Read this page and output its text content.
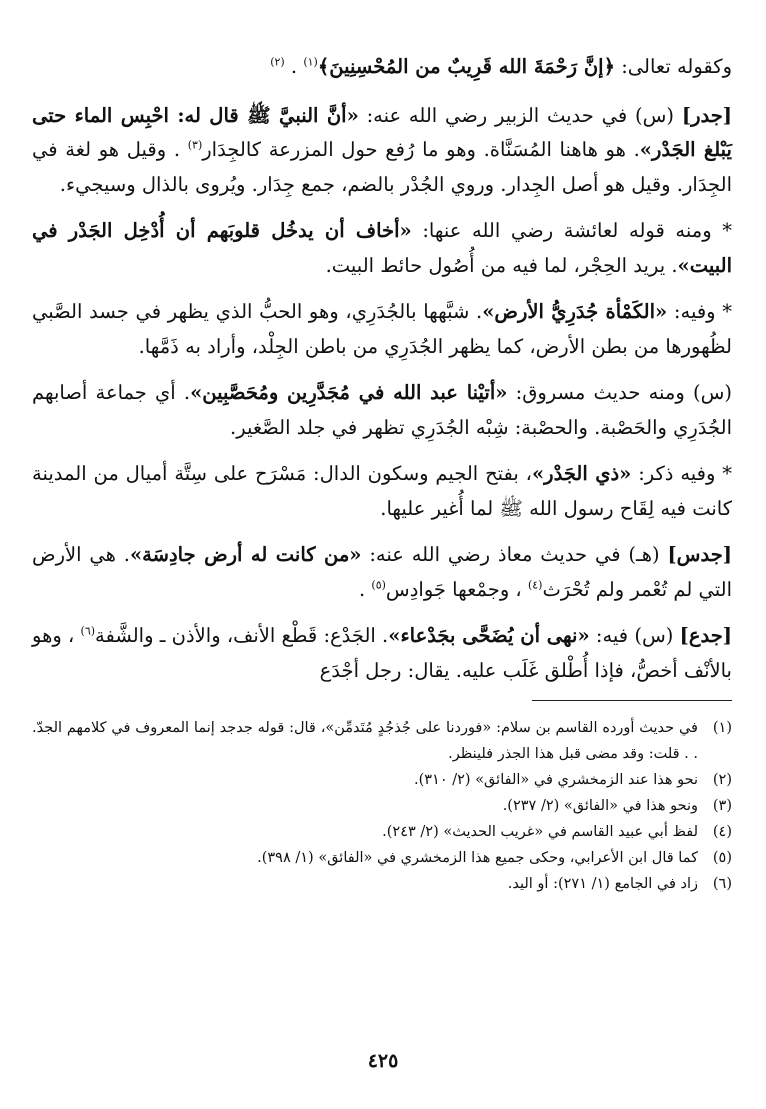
وكقوله تعالى: ﴿إنَّ رَحْمَةَ الله قَرِيبٌ من المُحْسِنِينَ﴾$^{(١)}$ . $^{(٢)}$

[جدر] (س) في حديث الزبير رضي الله عنه: «أنَّ النبيَّ ﷺ قال له: احْبِس الماء حتى يَبْلغ الجَدْر». هو هاهنا المُسَنَّاة. وهو ما رُفع حول المزرعة كالجِدَار$^{(٣)}$ . وقيل هو لغة في الجِدَار. وقيل هو أصل الجِدار. وروي الجُدْر بالضم، جمع جِدَار. ويُروى بالذال وسيجيء.

* ومنه قوله لعائشة رضي الله عنها: «أخاف أن يدخُل قلوبَهم أن أُدْخِل الجَدْر في البيت». يريد الحِجْر، لما فيه من أُصُول حائط البيت.

* وفيه: «الكَمْأة جُدَرِيُّ الأرض». شبَّهها بالجُدَرِي، وهو الحبُّ الذي يظهر في جسد الصَّبي لظُهورها من بطن الأرض، كما يظهر الجُدَرِي من باطن الجِلْد، وأراد به ذَمَّها.

(س) ومنه حديث مسروق: «أتيْنا عبد الله في مُجَدَّرِين ومُحَصَّبِين». أي جماعة أصابهم الجُدَرِي والحَصْبة. والحصْبة: شِبْه الجُدَرِي تظهر في جلد الصَّغير.

* وفيه ذكر: «ذي الجَدْر»، بفتح الجيم وسكون الدال: مَسْرَح على سِتَّة أميال من المدينة كانت فيه لِقَاح رسول الله ﷺ لما أُغير عليها.

[جدس] (هـ) في حديث معاذ رضي الله عنه: «من كانت له أرض جادِسَة». هي الأرض التي لم تُعْمر ولم تُحْرَث$^{(٤)}$ ، وجمْعها جَوادِس$^{(٥)}$ .

[جدع] (س) فيه: «نهى أن يُضَحَّى بجَدْعاء». الجَدْع: قَطْع الأنف، والأذن ـ والشَّفة$^{(٦)}$ ، وهو بالأنْف أخصُّ، فإذا أُطْلق غَلَب عليه. يقال: رجل أجْدَع

(١)
في حديث أورده القاسم بن سلام: «فوردنا على جُذجُدٍ مُتَدمِّن»، قال: قوله جدجد إنما المعروف في كلامهم الجدّ. . . قلت: وقد مضى قبل هذا الجذر فلينظر.
(٢)
نحو هذا عند الزمخشري في «الفائق» (٢/ ٣١٠).
(٣)
ونحو هذا في «الفائق» (٢/ ٢٣٧).
(٤)
لفظ أبي عبيد القاسم في «غريب الحديث» (٢/ ٢٤٣).
(٥)
كما قال ابن الأعرابي، وحكى جميع هذا الزمخشري في «الفائق» (١/ ٣٩٨).
(٦)
زاد في الجامع (١/ ٢٧١): أو اليد.
٤٢٥
